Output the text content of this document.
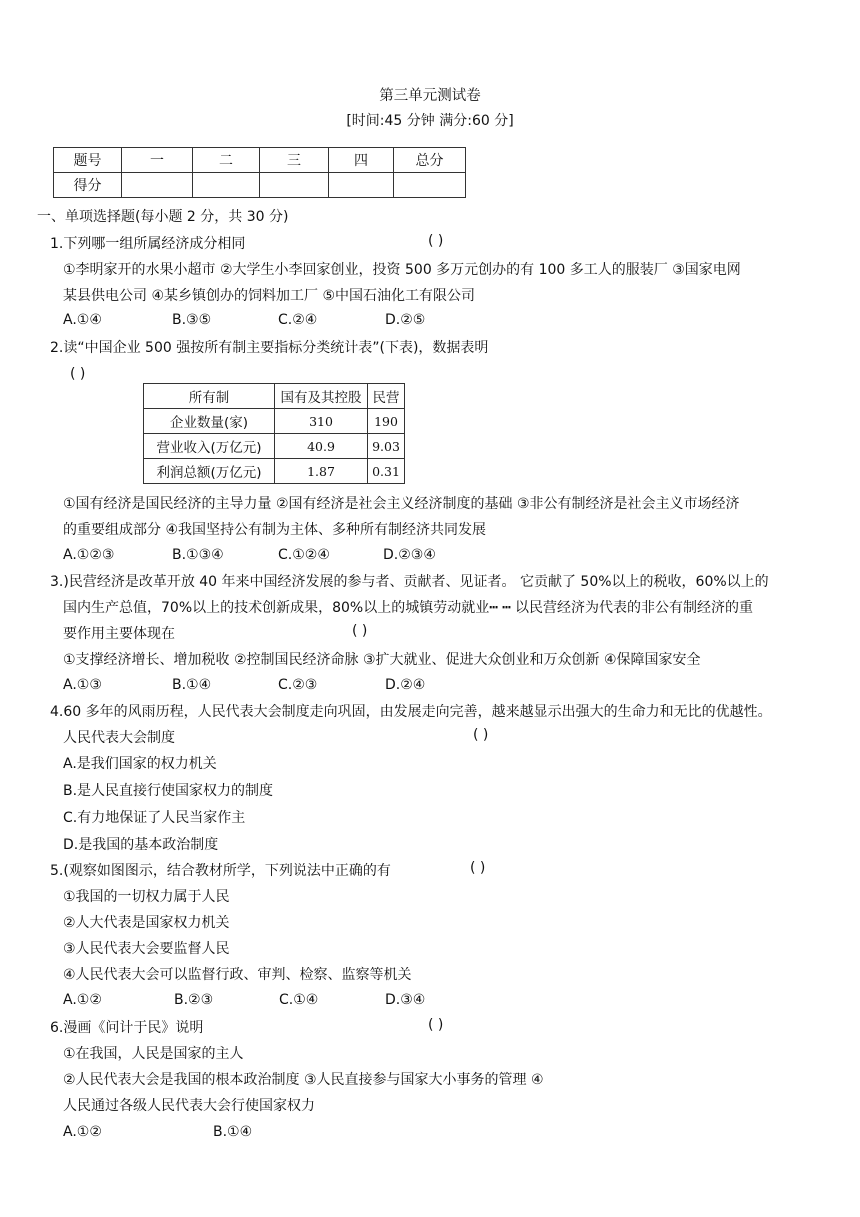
第三单元测试卷
[时间:45 分钟 满分:60 分]
题号	一	二	三	四	总分
得分					
一、单项选择题(每小题 2 分，共 30 分)
1.下列哪一组所属经济成分相同	( )
①李明家开的水果小超市 ②大学生小李回家创业，投资 500 多万元创办的有 100 多工人的服装厂 ③国家电网
某县供电公司 ④某乡镇创办的饲料加工厂 ⑤中国石油化工有限公司
A.①④	B.③⑤	C.②④	D.②⑤
2.读“中国企业 500 强按所有制主要指标分类统计表”(下表)，数据表明
( )
所有制	国有及其控股	民营
企业数量(家)	310	190
营业收入(万亿元)	40.9	9.03
利润总额(万亿元)	1.87	0.31
①国有经济是国民经济的主导力量 ②国有经济是社会主义经济制度的基础 ③非公有制经济是社会主义市场经济
的重要组成部分 ④我国坚持公有制为主体、多种所有制经济共同发展
A.①②③	B.①③④	C.①②④	D.②③④
3.)民营经济是改革开放 40 年来中国经济发展的参与者、贡献者、见证者。 它贡献了 50%以上的税收，60%以上的
国内生产总值，70%以上的技术创新成果，80%以上的城镇劳动就业┅ ┅ 以民营经济为代表的非公有制经济的重
要作用主要体现在	( )
①支撑经济增长、增加税收 ②控制国民经济命脉 ③扩大就业、促进大众创业和万众创新 ④保障国家安全
A.①③	B.①④	C.②③	D.②④
4.60 多年的风雨历程，人民代表大会制度走向巩固，由发展走向完善，越来越显示出强大的生命力和无比的优越性。
人民代表大会制度	( )
A.是我们国家的权力机关
B.是人民直接行使国家权力的制度
C.有力地保证了人民当家作主
D.是我国的基本政治制度
5.(观察如图图示，结合教材所学，下列说法中正确的有	( )
①我国的一切权力属于人民
②人大代表是国家权力机关
③人民代表大会要监督人民
④人民代表大会可以监督行政、审判、检察、监察等机关
A.①②	B.②③	C.①④	D.③④
6.漫画《问计于民》说明	( )
①在我国，人民是国家的主人
②人民代表大会是我国的根本政治制度 ③人民直接参与国家大小事务的管理 ④
人民通过各级人民代表大会行使国家权力
A.①②	B.①④
